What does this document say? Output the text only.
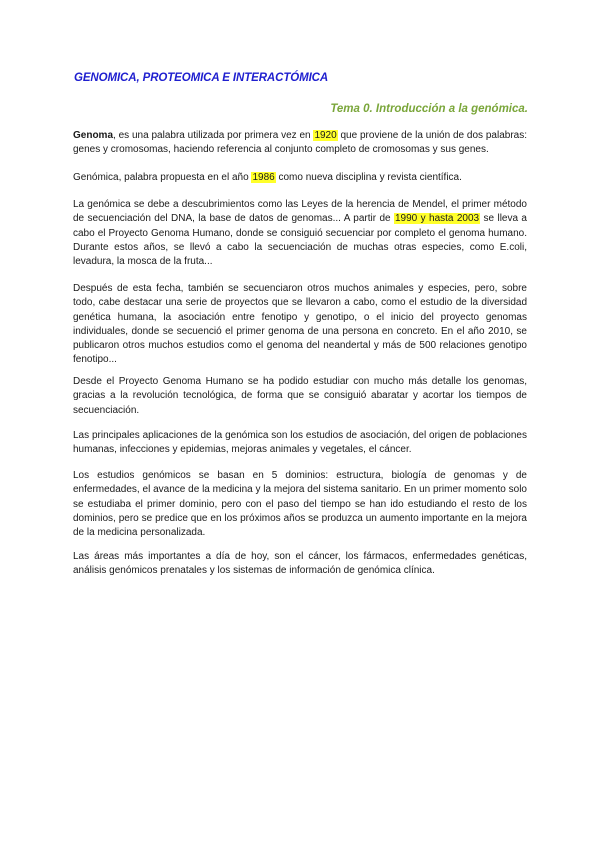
GENOMICA, PROTEOMICA E INTERACTÓMICA
Tema 0. Introducción a la genómica.

Genoma, es una palabra utilizada por primera vez en 1920 que proviene de la unión de dos palabras: genes y cromosomas, haciendo referencia al conjunto completo de cromosomas y sus genes.

Genómica, palabra propuesta en el año 1986 como nueva disciplina y revista científica.

La genómica se debe a descubrimientos como las Leyes de la herencia de Mendel, el primer método de secuenciación del DNA, la base de datos de genomas... A partir de 1990 y hasta 2003 se lleva a cabo el Proyecto Genoma Humano, donde se consiguió secuenciar por completo el genoma humano. Durante estos años, se llevó a cabo la secuenciación de muchas otras especies, como E.coli, levadura, la mosca de la fruta...

Después de esta fecha, también se secuenciaron otros muchos animales y especies, pero, sobre todo, cabe destacar una serie de proyectos que se llevaron a cabo, como el estudio de la diversidad genética humana, la asociación entre fenotipo y genotipo, o el inicio del proyecto genomas individuales, donde se secuenció el primer genoma de una persona en concreto. En el año 2010, se publicaron otros muchos estudios como el genoma del neandertal y más de 500 relaciones genotipo fenotipo...

Desde el Proyecto Genoma Humano se ha podido estudiar con mucho más detalle los genomas, gracias a la revolución tecnológica, de forma que se consiguió abaratar y acortar los tiempos de secuenciación.

Las principales aplicaciones de la genómica son los estudios de asociación, del origen de poblaciones humanas, infecciones y epidemias, mejoras animales y vegetales, el cáncer.

Los estudios genómicos se basan en 5 dominios: estructura, biología de genomas y de enfermedades, el avance de la medicina y la mejora del sistema sanitario. En un primer momento solo se estudiaba el primer dominio, pero con el paso del tiempo se han ido estudiando el resto de los dominios, pero se predice que en los próximos años se produzca un aumento importante en la mejora de la medicina personalizada.

Las áreas más importantes a día de hoy, son el cáncer, los fármacos, enfermedades genéticas, análisis genómicos prenatales y los sistemas de información de genómica clínica.
